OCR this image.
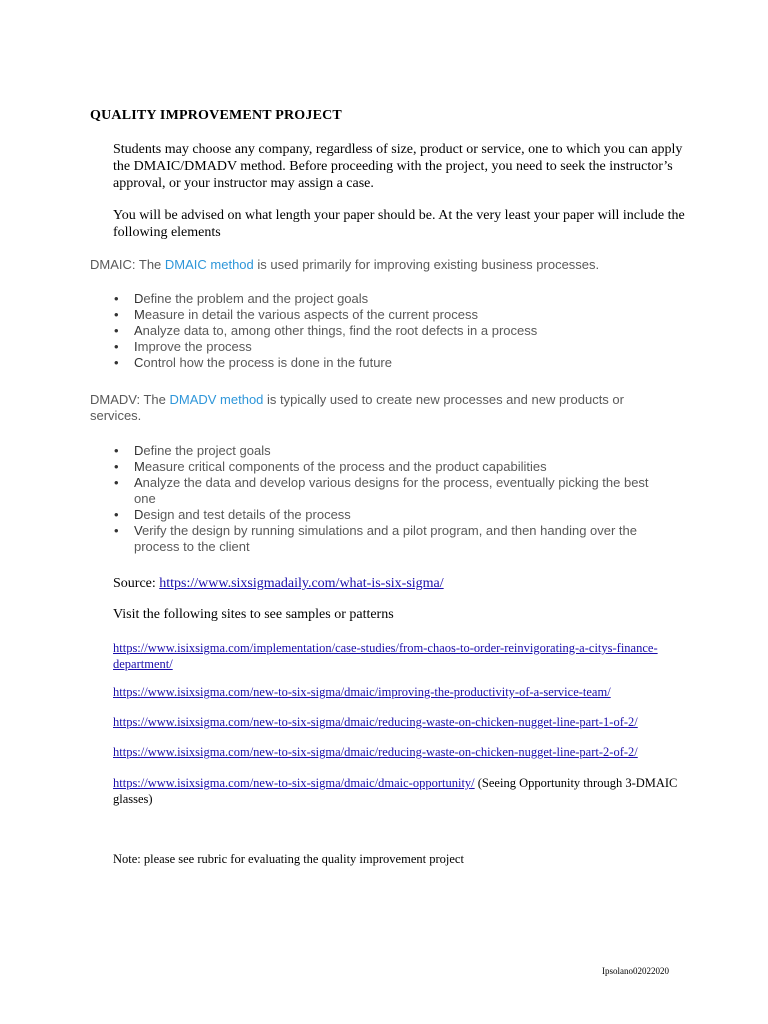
QUALITY IMPROVEMENT PROJECT

Students may choose any company, regardless of size, product or service, one to which you can apply the DMAIC/DMADV method. Before proceeding with the project, you need to seek the instructor’s approval, or your instructor may assign a case.

You will be advised on what length your paper should be. At the very least your paper will include the following elements

DMAIC: The DMAIC method is used primarily for improving existing business processes.
• Define the problem and the project goals
• Measure in detail the various aspects of the current process
• Analyze data to, among other things, find the root defects in a process
• Improve the process
• Control how the process is done in the future
DMADV: The DMADV method is typically used to create new processes and new products or services.
• Define the project goals
• Measure critical components of the process and the product capabilities
• Analyze the data and develop various designs for the process, eventually picking the best one
• Design and test details of the process
• Verify the design by running simulations and a pilot program, and then handing over the process to the client
Source: https://www.sixsigmadaily.com/what-is-six-sigma/
Visit the following sites to see samples or patterns
https://www.isixsigma.com/implementation/case-studies/from-chaos-to-order-reinvigorating-a-citys-finance-department/
https://www.isixsigma.com/new-to-six-sigma/dmaic/improving-the-productivity-of-a-service-team/
https://www.isixsigma.com/new-to-six-sigma/dmaic/reducing-waste-on-chicken-nugget-line-part-1-of-2/
https://www.isixsigma.com/new-to-six-sigma/dmaic/reducing-waste-on-chicken-nugget-line-part-2-of-2/
https://www.isixsigma.com/new-to-six-sigma/dmaic/dmaic-opportunity/ (Seeing Opportunity through 3-DMAIC glasses)
Note: please see rubric for evaluating the quality improvement project
Ipsolano02022020
